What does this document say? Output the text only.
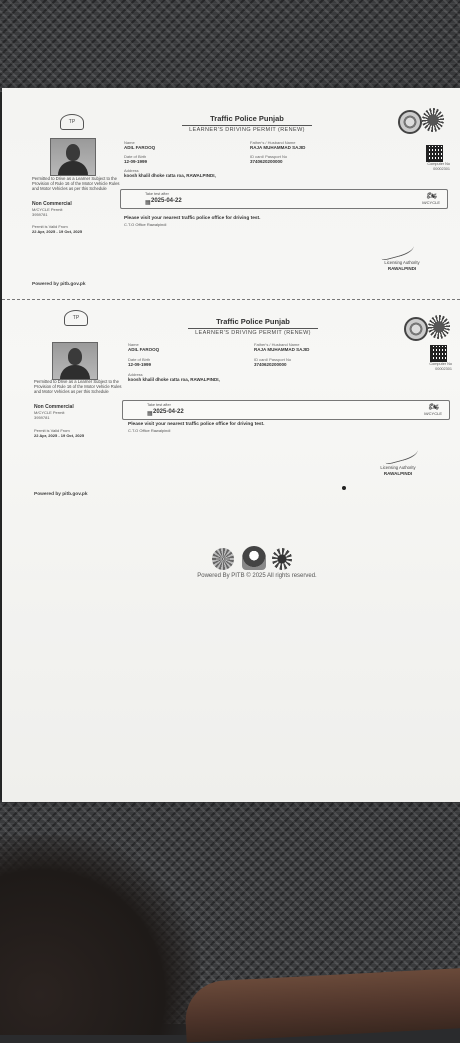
TP	Traffic Police Punjab
LEARNER'S DRIVING PERMIT (RENEW)
Name
ADIL FAROOQ
Father's / Husband Name
RAJA MUHAMMAD SAJID
Date of Birth
12-09-1999
ID card/ Passport No
3740620200000
Address
koosh khalil dhoke ratta roa, RAWALPINDI,
Computer No
00002301
Permitted to Drive as a Learner Subject to the Provision of Rule 16 of the Motor Vehicle Rules and Motor Vehicles as per this Schedule
Non Commercial
M/CYCLE Permit
3959781
Permit is Valid From
22 Apr, 2025 - 19 Oct, 2025
Take test after
▦ 2025-04-22
🏍
M/CYCLE
Please visit your nearest traffic police office for driving test.
C.T.O Office Rawalpindi
Licensing Authority
RAWALPINDI
Powered by pitb.gov.pk
TP	Traffic Police Punjab
LEARNER'S DRIVING PERMIT (RENEW)
Name
ADIL FAROOQ
Father's / Husband Name
RAJA MUHAMMAD SAJID
Date of Birth
12-09-1999
ID card/ Passport No
3740620200000
Address
koosh khalil dhoke ratta roa, RAWALPINDI,
Computer No
00002301
Permitted to Drive as a Learner Subject to the Provision of Rule 16 of the Motor Vehicle Rules and Motor Vehicles as per this Schedule
Non Commercial
M/CYCLE Permit
3959781
Permit is Valid From
22 Apr, 2025 - 19 Oct, 2025
Take test after
▦ 2025-04-22
🏍
M/CYCLE
Please visit your nearest traffic police office for driving test.
C.T.O Office Rawalpindi
Licensing Authority
RAWALPINDI
Powered by pitb.gov.pk
Powered By PITB © 2025 All rights reserved.
